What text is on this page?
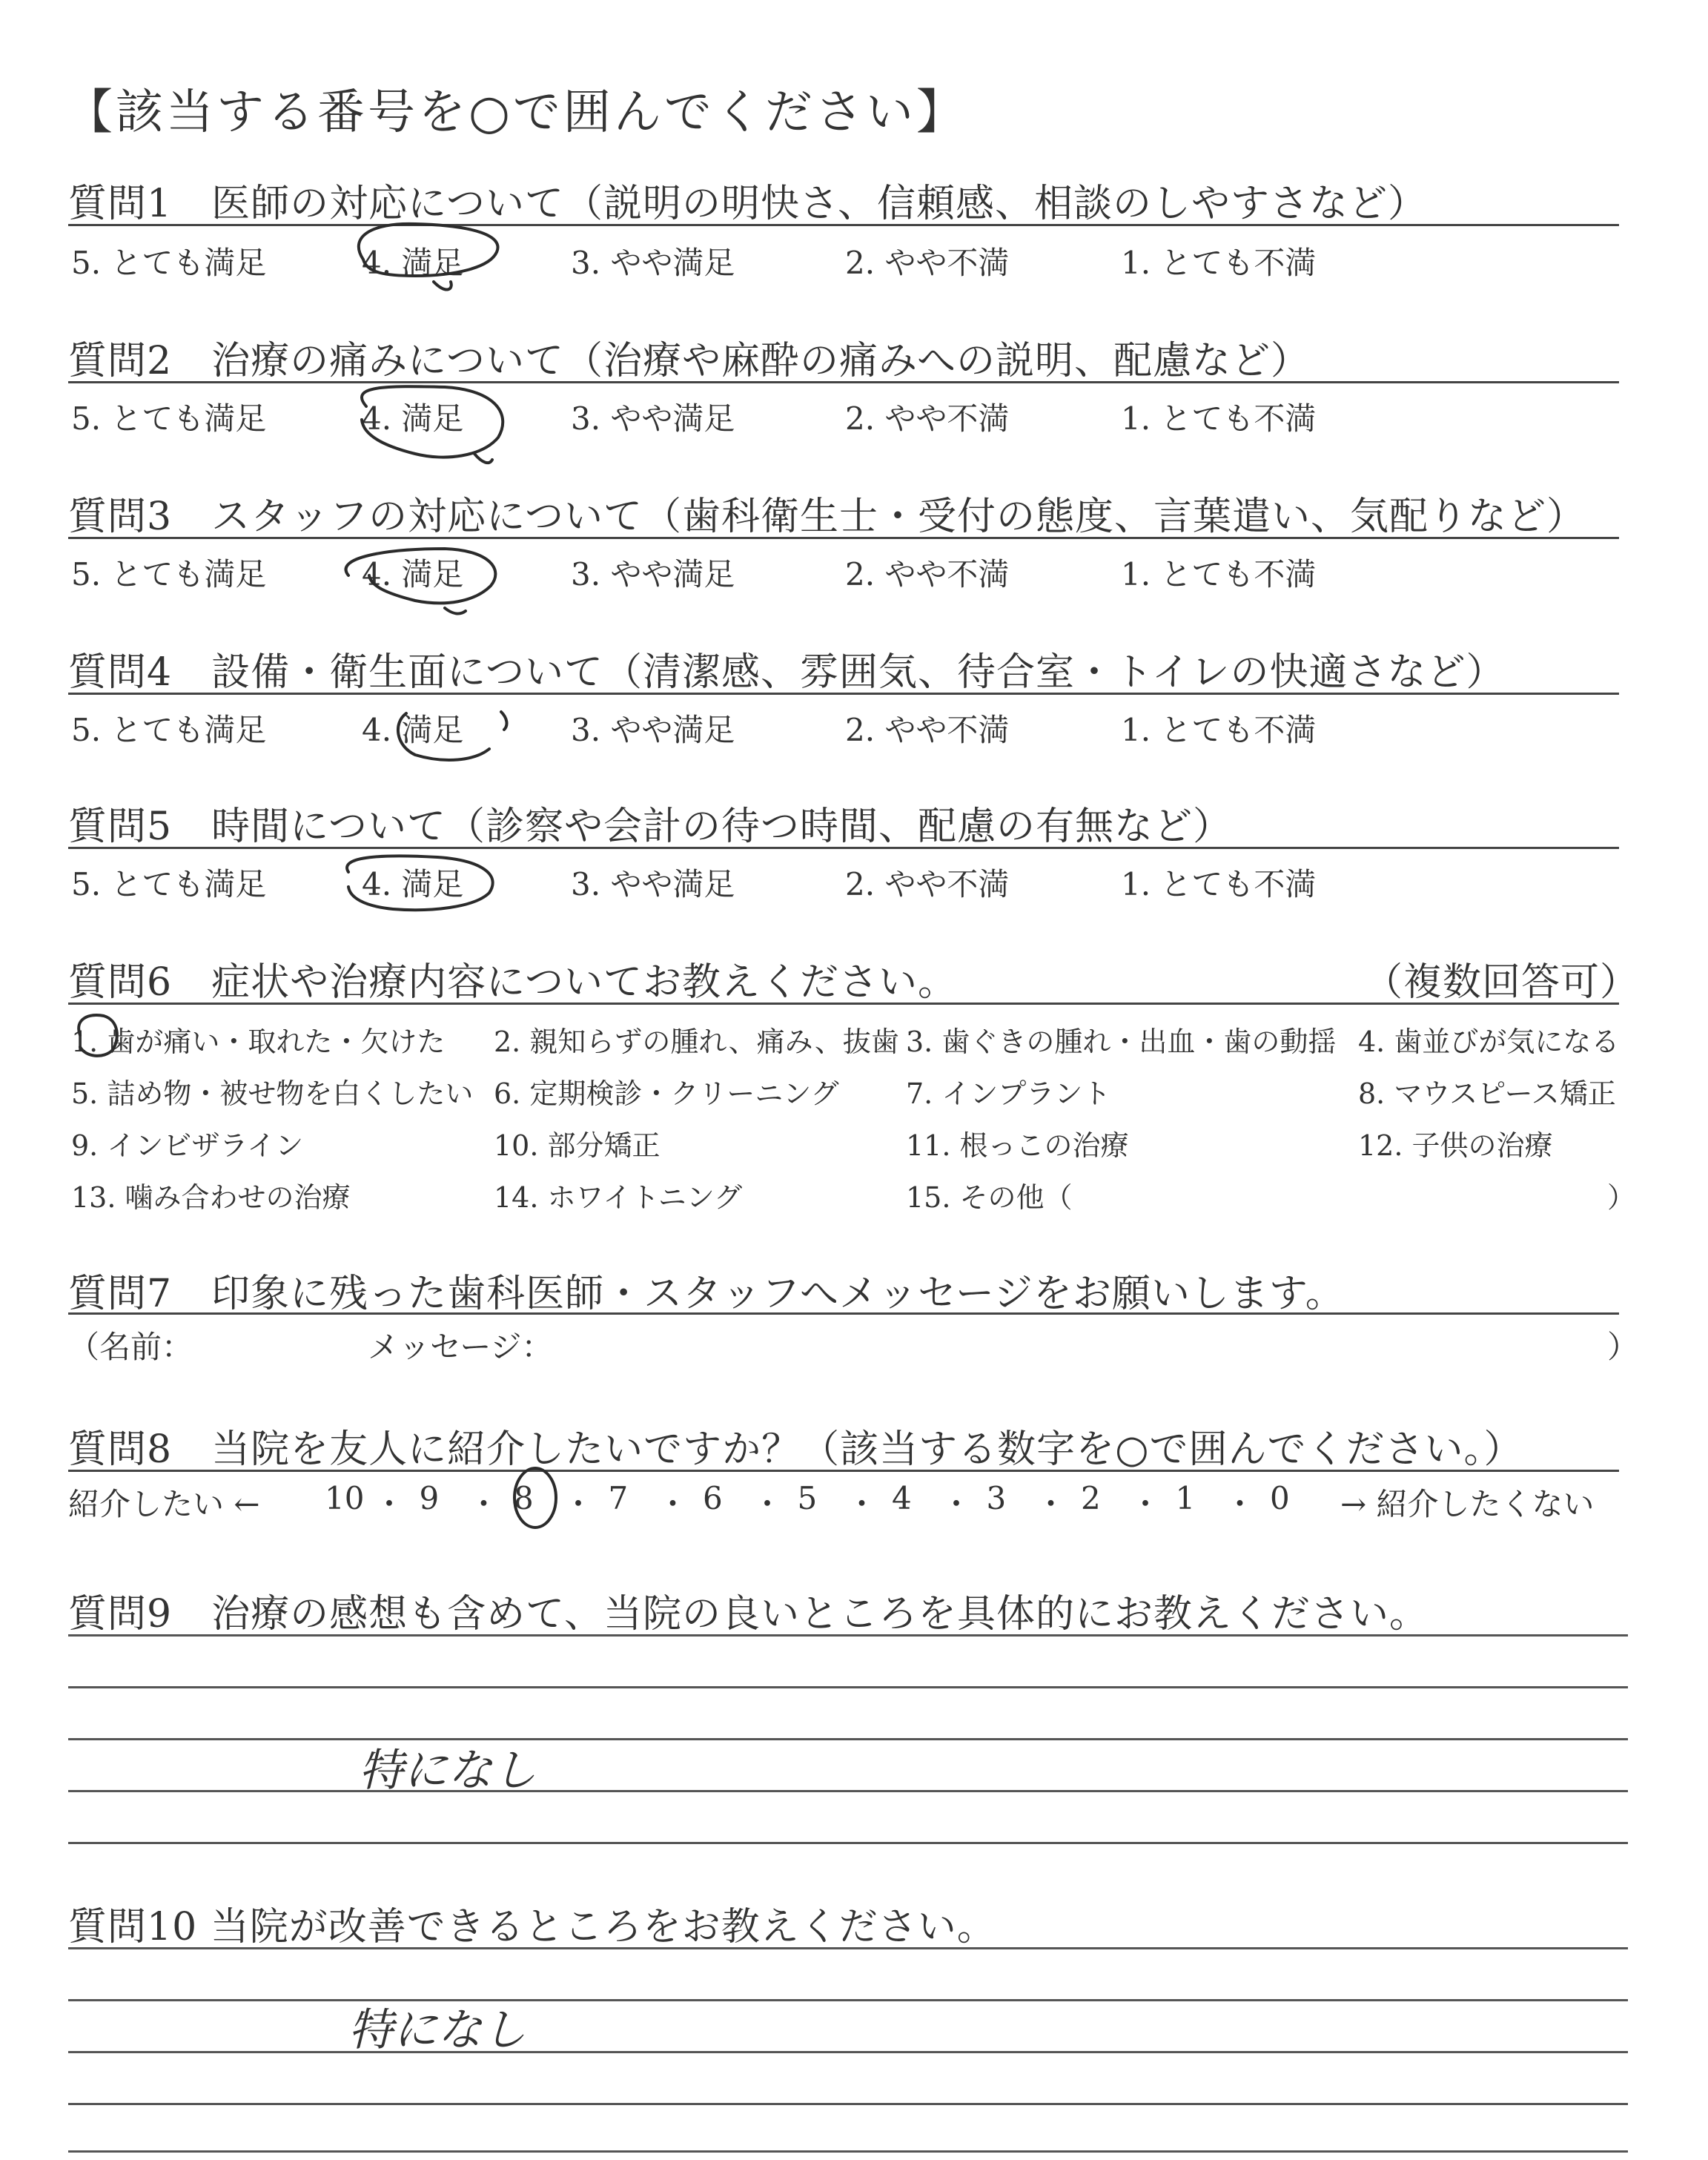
【該当する番号を○で囲んでください】
質問1　医師の対応について（説明の明快さ、信頼感、相談のしやすさなど）
5. とても満足	4. 満足	3. やや満足	2. やや不満	1. とても不満
質問2　治療の痛みについて（治療や麻酔の痛みへの説明、配慮など）
5. とても満足	4. 満足	3. やや満足	2. やや不満	1. とても不満
質問3　スタッフの対応について（歯科衛生士・受付の態度、言葉遣い、気配りなど）
5. とても満足	4. 満足	3. やや満足	2. やや不満	1. とても不満
質問4　設備・衛生面について（清潔感、雰囲気、待合室・トイレの快適さなど）
5. とても満足	4. 満足	3. やや満足	2. やや不満	1. とても不満
質問5　時間について（診察や会計の待つ時間、配慮の有無など）
5. とても満足	4. 満足	3. やや満足	2. やや不満	1. とても不満
質問6　症状や治療内容についてお教えください。	（複数回答可）
1. 歯が痛い・取れた・欠けた 2. 親知らずの腫れ、痛み、抜歯 3. 歯ぐきの腫れ・出血・歯の動揺 4. 歯並びが気になる
5. 詰め物・被せ物を白くしたい 6. 定期検診・クリーニング 7. インプラント	8. マウスピース矯正
9. インビザライン	10. 部分矯正	11. 根っこの治療	12. 子供の治療
13. 噛み合わせの治療	14. ホワイトニング	15. その他（	）
質問7　印象に残った歯科医師・スタッフへメッセージをお願いします。
（名前：	メッセージ：	）
質問8　当院を友人に紹介したいですか？（該当する数字を○で囲んでください。）
紹介したい ← 10 ・ 9 ・ 8 ・ 7 ・ 6 ・ 5 ・ 4 ・ 3 ・ 2 ・ 1 ・ 0 → 紹介したくない
質問9　治療の感想も含めて、当院の良いところを具体的にお教えください。
特になし
質問10 当院が改善できるところをお教えください。
特になし
